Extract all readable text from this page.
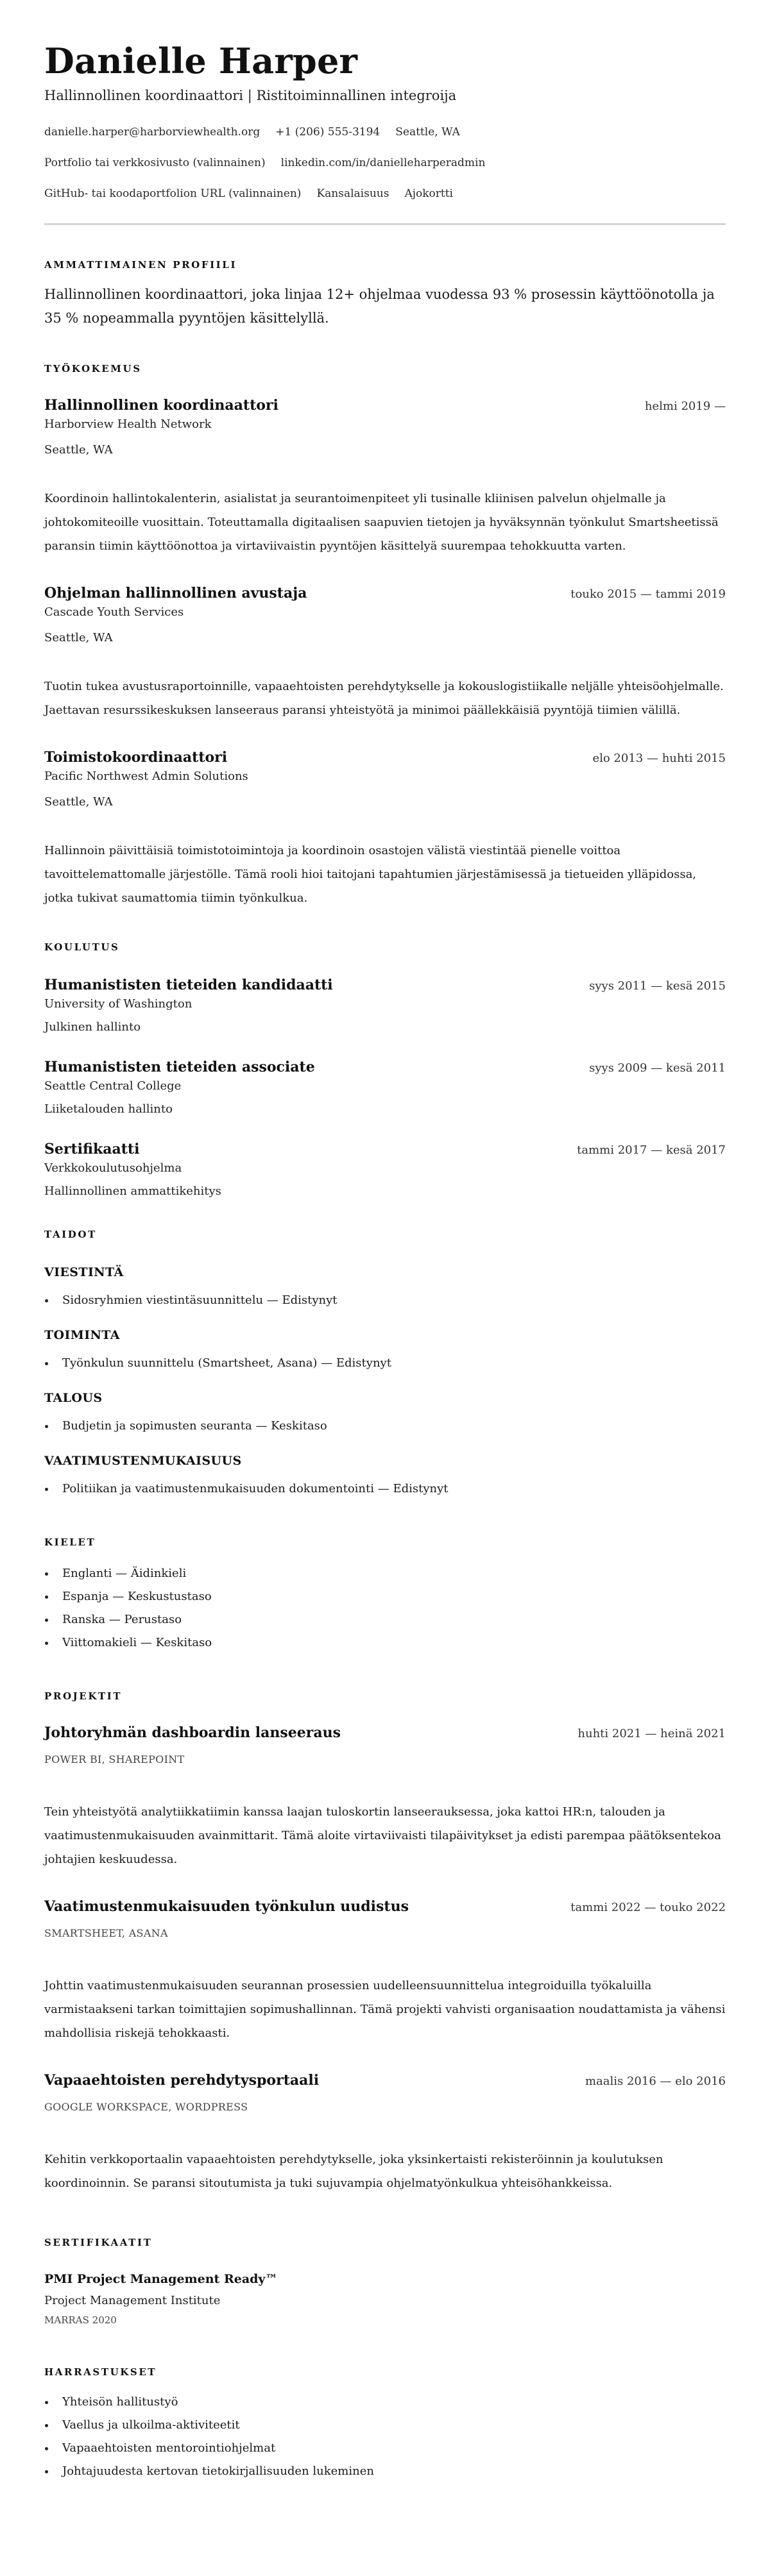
Danielle Harper
Hallinnollinen koordinaattori | Ristitoiminnallinen integroija
danielle.harper@harborviewhealth.org +1 (206) 555-3194 Seattle, WA
Portfolio tai verkkosivusto (valinnainen) linkedin.com/in/danielleharperadmin
GitHub- tai koodaportfolion URL (valinnainen) Kansalaisuus Ajokortti
AMMATTIMAINEN PROFIILI

Hallinnollinen koordinaattori, joka linjaa 12+ ohjelmaa vuodessa 93 % prosessin käyttöönotolla ja 35 % nopeammalla pyyntöjen käsittelyllä.

TYÖKOKEMUS
Hallinnollinen koordinaattori	helmi 2019 —
Harborview Health Network
Seattle, WA

Koordinoin hallintokalenterin, asialistat ja seurantoimenpiteet yli tusinalle kliinisen palvelun ohjelmalle ja johtokomiteoille vuosittain. Toteuttamalla digitaalisen saapuvien tietojen ja hyväksynnän työnkulut Smartsheetissä paransin tiimin käyttöönottoa ja virtaviivaistin pyyntöjen käsittelyä suurempaa tehokkuutta varten.

Ohjelman hallinnollinen avustaja	touko 2015 — tammi 2019
Cascade Youth Services
Seattle, WA

Tuotin tukea avustusraportoinnille, vapaaehtoisten perehdytykselle ja kokouslogistiikalle neljälle yhteisöohjelmalle. Jaettavan resurssikeskuksen lanseeraus paransi yhteistyötä ja minimoi päällekkäisiä pyyntöjä tiimien välillä.

Toimistokoordinaattori	elo 2013 — huhti 2015
Pacific Northwest Admin Solutions
Seattle, WA

Hallinnoin päivittäisiä toimistotoimintoja ja koordinoin osastojen välistä viestintää pienelle voittoa tavoittelemattomalle järjestölle. Tämä rooli hioi taitojani tapahtumien järjestämisessä ja tietueiden ylläpidossa, jotka tukivat saumattomia tiimin työnkulkua.

KOULUTUS
Humanististen tieteiden kandidaatti	syys 2011 — kesä 2015
University of Washington
Julkinen hallinto
Humanististen tieteiden associate	syys 2009 — kesä 2011
Seattle Central College
Liiketalouden hallinto
Sertifikaatti	tammi 2017 — kesä 2017
Verkkokoulutusohjelma
Hallinnollinen ammattikehitys
TAIDOT
VIESTINTÄ
Sidosryhmien viestintäsuunnittelu — Edistynyt
TOIMINTA
Työnkulun suunnittelu (Smartsheet, Asana) — Edistynyt
TALOUS
Budjetin ja sopimusten seuranta — Keskitaso
VAATIMUSTENMUKAISUUS
Politiikan ja vaatimustenmukaisuuden dokumentointi — Edistynyt
KIELET
Englanti — Äidinkieli
Espanja — Keskustustaso
Ranska — Perustaso
Viittomakieli — Keskitaso
PROJEKTIT
Johtoryhmän dashboardin lanseeraus	huhti 2021 — heinä 2021
POWER BI, SHAREPOINT

Tein yhteistyötä analytiikkatiimin kanssa laajan tuloskortin lanseerauksessa, joka kattoi HR:n, talouden ja vaatimustenmukaisuuden avainmittarit. Tämä aloite virtaviivaisti tilapäivitykset ja edisti parempaa päätöksentekoa johtajien keskuudessa.

Vaatimustenmukaisuuden työnkulun uudistus	tammi 2022 — touko 2022
SMARTSHEET, ASANA

Johttin vaatimustenmukaisuuden seurannan prosessien uudelleensuunnittelua integroiduilla työkaluilla varmistaakseni tarkan toimittajien sopimushallinnan. Tämä projekti vahvisti organisaation noudattamista ja vähensi mahdollisia riskejä tehokkaasti.

Vapaaehtoisten perehdytysportaali	maalis 2016 — elo 2016
GOOGLE WORKSPACE, WORDPRESS

Kehitin verkkoportaalin vapaaehtoisten perehdytykselle, joka yksinkertaisti rekisteröinnin ja koulutuksen koordinoinnin. Se paransi sitoutumista ja tuki sujuvampia ohjelmatyönkulkua yhteisöhankkeissa.

SERTIFIKAATIT
PMI Project Management Ready™
Project Management Institute
MARRAS 2020
HARRASTUKSET
Yhteisön hallitustyö
Vaellus ja ulkoilma-aktiviteetit
Vapaaehtoisten mentorointiohjelmat
Johtajuudesta kertovan tietokirjallisuuden lukeminen
